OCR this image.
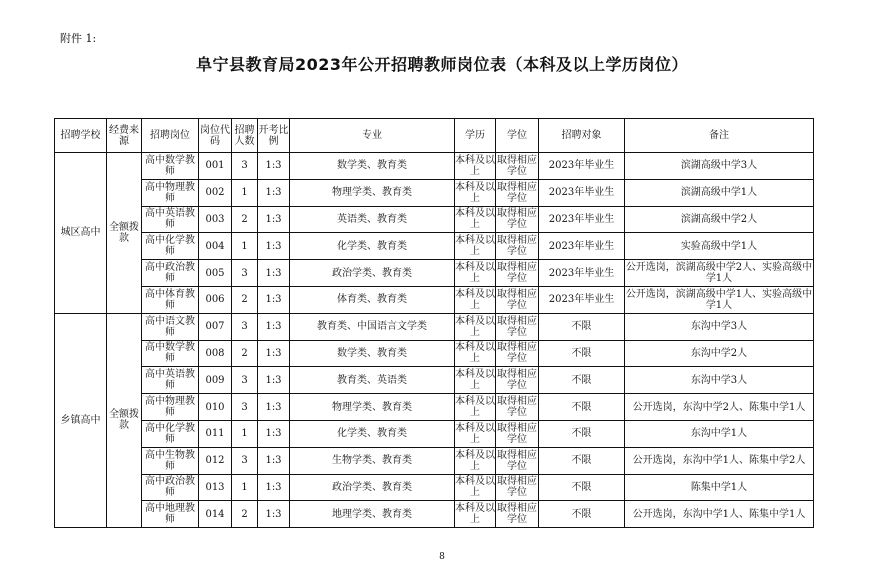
附件 1:
阜宁县教育局2023年公开招聘教师岗位表（本科及以上学历岗位）
招聘学校	经费来源	招聘岗位	岗位代码	招聘人数	开考比例	专业	学历	学位	招聘对象	备注
城区高中	全额拨款	高中数学教师	001	3	1:3	数学类、教育类	本科及以上	取得相应学位	2023年毕业生	滨湖高级中学3人
		高中物理教师	002	1	1:3	物理学类、教育类	本科及以上	取得相应学位	2023年毕业生	滨湖高级中学1人
		高中英语教师	003	2	1:3	英语类、教育类	本科及以上	取得相应学位	2023年毕业生	滨湖高级中学2人
		高中化学教师	004	1	1:3	化学类、教育类	本科及以上	取得相应学位	2023年毕业生	实验高级中学1人
		高中政治教师	005	3	1:3	政治学类、教育类	本科及以上	取得相应学位	2023年毕业生	公开选岗，滨湖高级中学2人、实验高级中学1人
		高中体育教师	006	2	1:3	体育类、教育类	本科及以上	取得相应学位	2023年毕业生	公开选岗，滨湖高级中学1人、实验高级中学1人
乡镇高中	全额拨款	高中语文教师	007	3	1:3	教育类、中国语言文学类	本科及以上	取得相应学位	不限	东沟中学3人
		高中数学教师	008	2	1:3	数学类、教育类	本科及以上	取得相应学位	不限	东沟中学2人
		高中英语教师	009	3	1:3	教育类、英语类	本科及以上	取得相应学位	不限	东沟中学3人
		高中物理教师	010	3	1:3	物理学类、教育类	本科及以上	取得相应学位	不限	公开选岗，东沟中学2人、陈集中学1人
		高中化学教师	011	1	1:3	化学类、教育类	本科及以上	取得相应学位	不限	东沟中学1人
		高中生物教师	012	3	1:3	生物学类、教育类	本科及以上	取得相应学位	不限	公开选岗，东沟中学1人、陈集中学2人
		高中政治教师	013	1	1:3	政治学类、教育类	本科及以上	取得相应学位	不限	陈集中学1人
		高中地理教师	014	2	1:3	地理学类、教育类	本科及以上	取得相应学位	不限	公开选岗，东沟中学1人、陈集中学1人
8
